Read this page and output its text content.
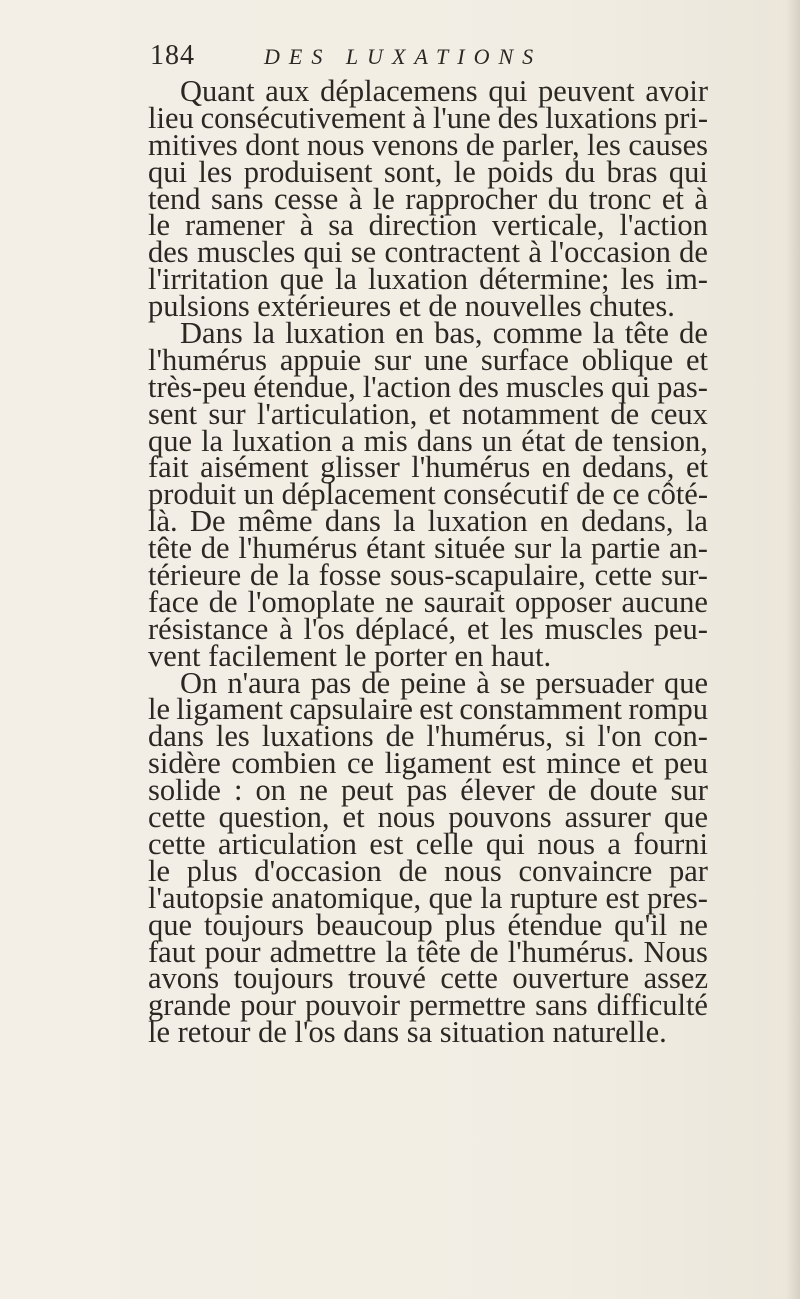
184	DES LUXATIONS
Quant aux déplacemens qui peuvent avoir
lieu consécutivement à l'une des luxations pri-
mitives dont nous venons de parler, les causes
qui les produisent sont, le poids du bras qui
tend sans cesse à le rapprocher du tronc et à
le ramener à sa direction verticale, l'action
des muscles qui se contractent à l'occasion de
l'irritation que la luxation détermine; les im-
pulsions extérieures et de nouvelles chutes.
Dans la luxation en bas, comme la tête de
l'humérus appuie sur une surface oblique et
très-peu étendue, l'action des muscles qui pas-
sent sur l'articulation, et notamment de ceux
que la luxation a mis dans un état de tension,
fait aisément glisser l'humérus en dedans, et
produit un déplacement consécutif de ce côté-
là. De même dans la luxation en dedans, la
tête de l'humérus étant située sur la partie an-
térieure de la fosse sous-scapulaire, cette sur-
face de l'omoplate ne saurait opposer aucune
résistance à l'os déplacé, et les muscles peu-
vent facilement le porter en haut.
On n'aura pas de peine à se persuader que
le ligament capsulaire est constamment rompu
dans les luxations de l'humérus, si l'on con-
sidère combien ce ligament est mince et peu
solide : on ne peut pas élever de doute sur
cette question, et nous pouvons assurer que
cette articulation est celle qui nous a fourni
le plus d'occasion de nous convaincre par
l'autopsie anatomique, que la rupture est pres-
que toujours beaucoup plus étendue qu'il ne
faut pour admettre la tête de l'humérus. Nous
avons toujours trouvé cette ouverture assez
grande pour pouvoir permettre sans difficulté
le retour de l'os dans sa situation naturelle.
